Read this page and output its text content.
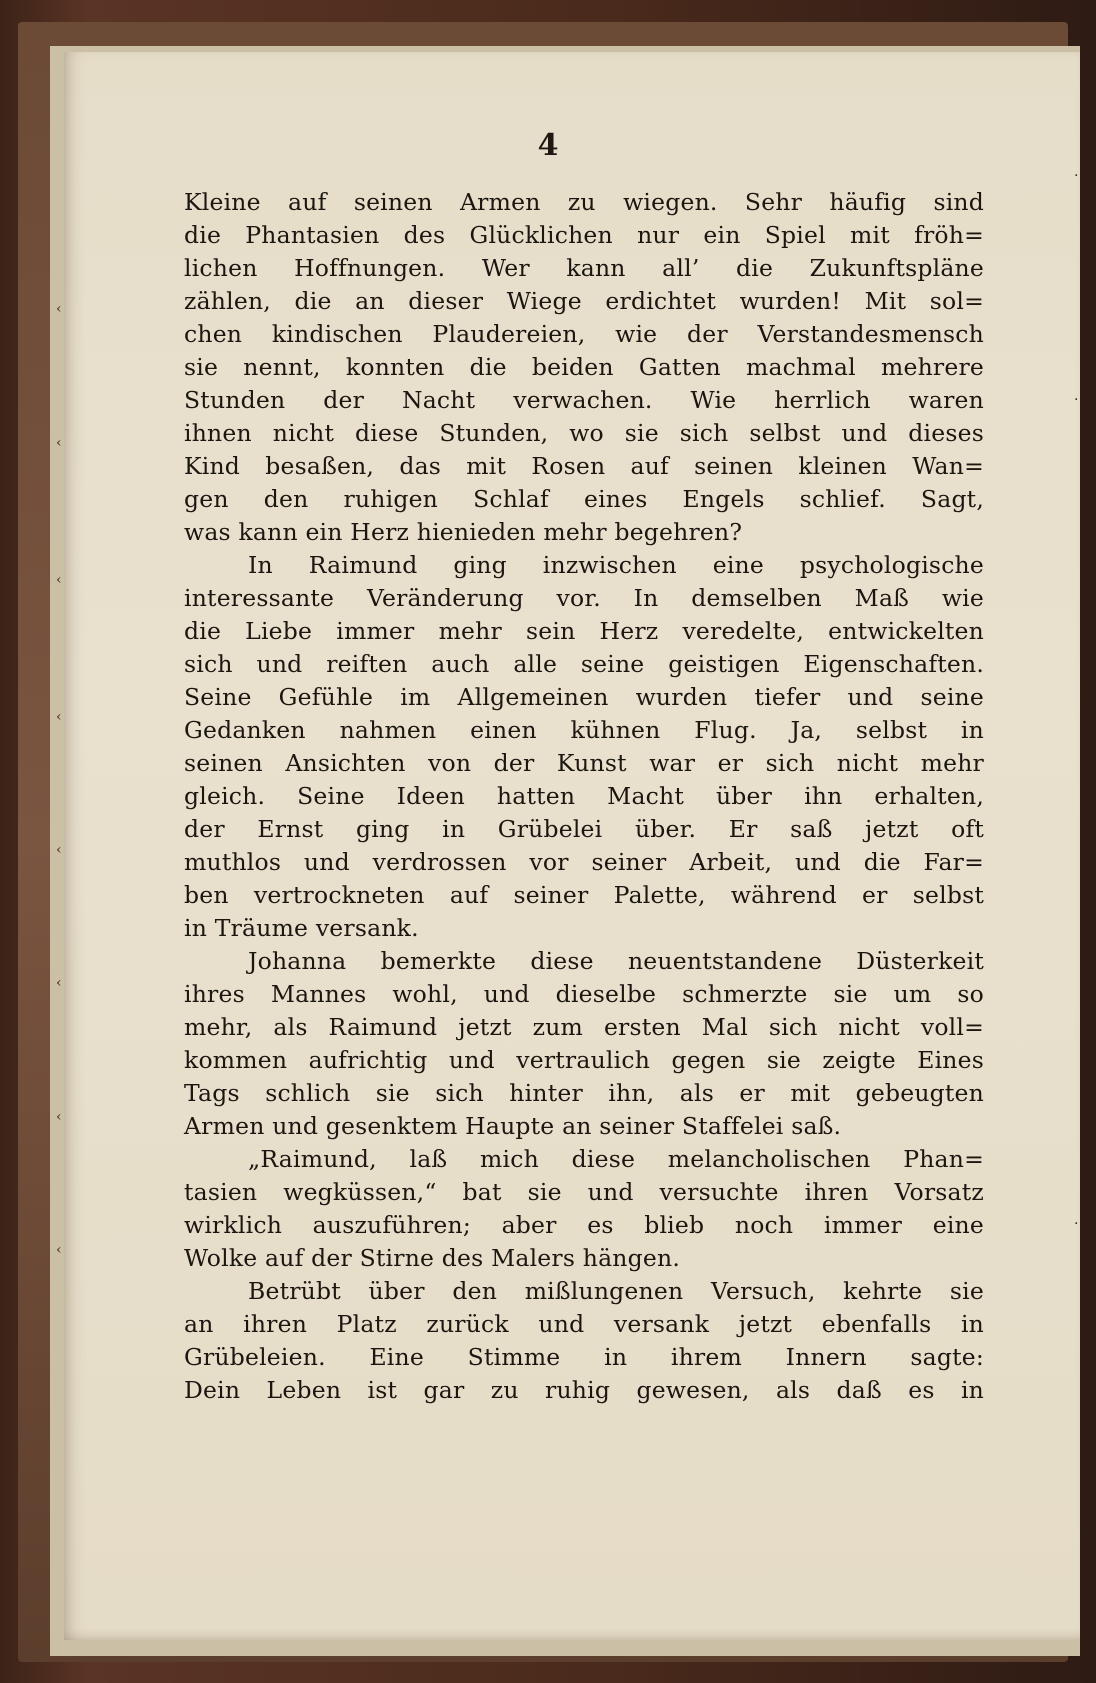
‹
‹
‹
‹
‹
‹
‹
‹
·
·
·
4
Kleine auf seinen Armen zu wiegen. Sehr häufig sind
die Phantasien des Glücklichen nur ein Spiel mit fröh=
lichen Hoffnungen. Wer kann all’ die Zukunftspläne
zählen, die an dieser Wiege erdichtet wurden! Mit sol=
chen kindischen Plaudereien, wie der Verstandesmensch
sie nennt, konnten die beiden Gatten machmal mehrere
Stunden der Nacht verwachen. Wie herrlich waren
ihnen nicht diese Stunden, wo sie sich selbst und dieses
Kind besaßen, das mit Rosen auf seinen kleinen Wan=
gen den ruhigen Schlaf eines Engels schlief. Sagt,
was kann ein Herz hienieden mehr begehren?
In Raimund ging inzwischen eine psychologische
interessante Veränderung vor. In demselben Maß wie
die Liebe immer mehr sein Herz veredelte, entwickelten
sich und reiften auch alle seine geistigen Eigenschaften.
Seine Gefühle im Allgemeinen wurden tiefer und seine
Gedanken nahmen einen kühnen Flug. Ja, selbst in
seinen Ansichten von der Kunst war er sich nicht mehr
gleich. Seine Ideen hatten Macht über ihn erhalten,
der Ernst ging in Grübelei über. Er saß jetzt oft
muthlos und verdrossen vor seiner Arbeit, und die Far=
ben vertrockneten auf seiner Palette, während er selbst
in Träume versank.
Johanna bemerkte diese neuentstandene Düsterkeit
ihres Mannes wohl, und dieselbe schmerzte sie um so
mehr, als Raimund jetzt zum ersten Mal sich nicht voll=
kommen aufrichtig und vertraulich gegen sie zeigte Eines
Tags schlich sie sich hinter ihn, als er mit gebeugten
Armen und gesenktem Haupte an seiner Staffelei saß.
„Raimund, laß mich diese melancholischen Phan=
tasien wegküssen,“ bat sie und versuchte ihren Vorsatz
wirklich auszuführen; aber es blieb noch immer eine
Wolke auf der Stirne des Malers hängen.
Betrübt über den mißlungenen Versuch, kehrte sie
an ihren Platz zurück und versank jetzt ebenfalls in
Grübeleien. Eine Stimme in ihrem Innern sagte:
Dein Leben ist gar zu ruhig gewesen, als daß es in
